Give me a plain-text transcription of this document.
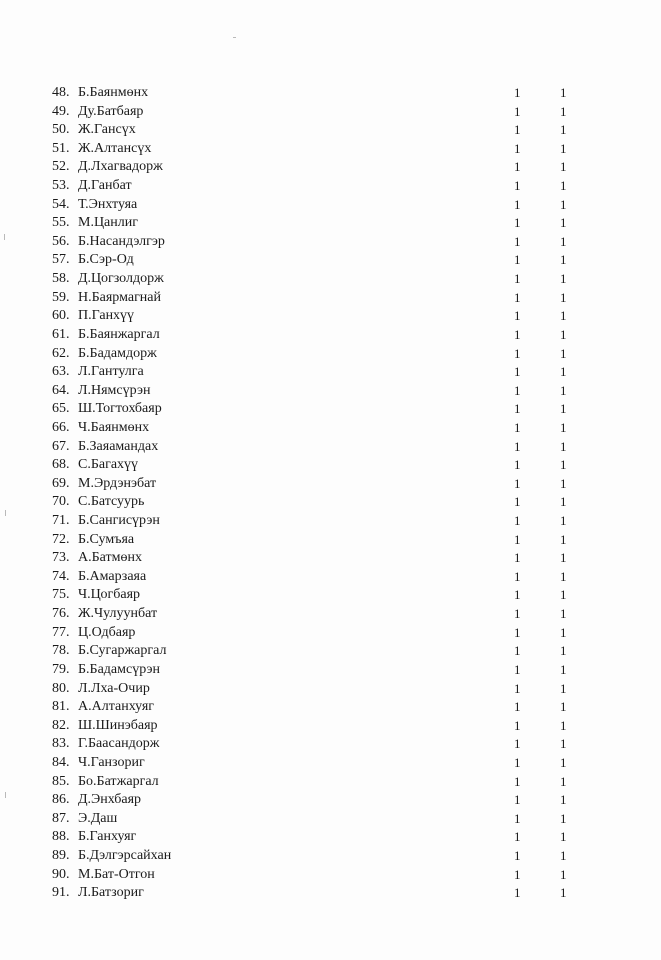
48. Б.Баянмөнх	1	1
49. Ду.Батбаяр	1	1
50. Ж.Гансүх	1	1
51. Ж.Алтансүх	1	1
52. Д.Лхагвадорж	1	1
53. Д.Ганбат	1	1
54. Т.Энхтуяа	1	1
55. М.Цанлиг	1	1
56. Б.Насандэлгэр	1	1
57. Б.Сэр-Од	1	1
58. Д.Цогзолдорж	1	1
59. Н.Баярмагнай	1	1
60. П.Ганхүү	1	1
61. Б.Баянжаргал	1	1
62. Б.Бадамдорж	1	1
63. Л.Гантулга	1	1
64. Л.Нямсүрэн	1	1
65. Ш.Тогтохбаяр	1	1
66. Ч.Баянмөнх	1	1
67. Б.Заяамандах	1	1
68. С.Багахүү	1	1
69. М.Эрдэнэбат	1	1
70. С.Батсуурь	1	1
71. Б.Сангисүрэн	1	1
72. Б.Сумъяа	1	1
73. А.Батмөнх	1	1
74. Б.Амарзаяа	1	1
75. Ч.Цогбаяр	1	1
76. Ж.Чулуунбат	1	1
77. Ц.Одбаяр	1	1
78. Б.Сугаржаргал	1	1
79. Б.Бадамсүрэн	1	1
80. Л.Лха-Очир	1	1
81. А.Алтанхуяг	1	1
82. Ш.Шинэбаяр	1	1
83. Г.Баасандорж	1	1
84. Ч.Ганзориг	1	1
85. Бо.Батжаргал	1	1
86. Д.Энхбаяр	1	1
87. Э.Даш	1	1
88. Б.Ганхуяг	1	1
89. Б.Дэлгэрсайхан	1	1
90. М.Бат-Отгон	1	1
91. Л.Батзориг	1	1
